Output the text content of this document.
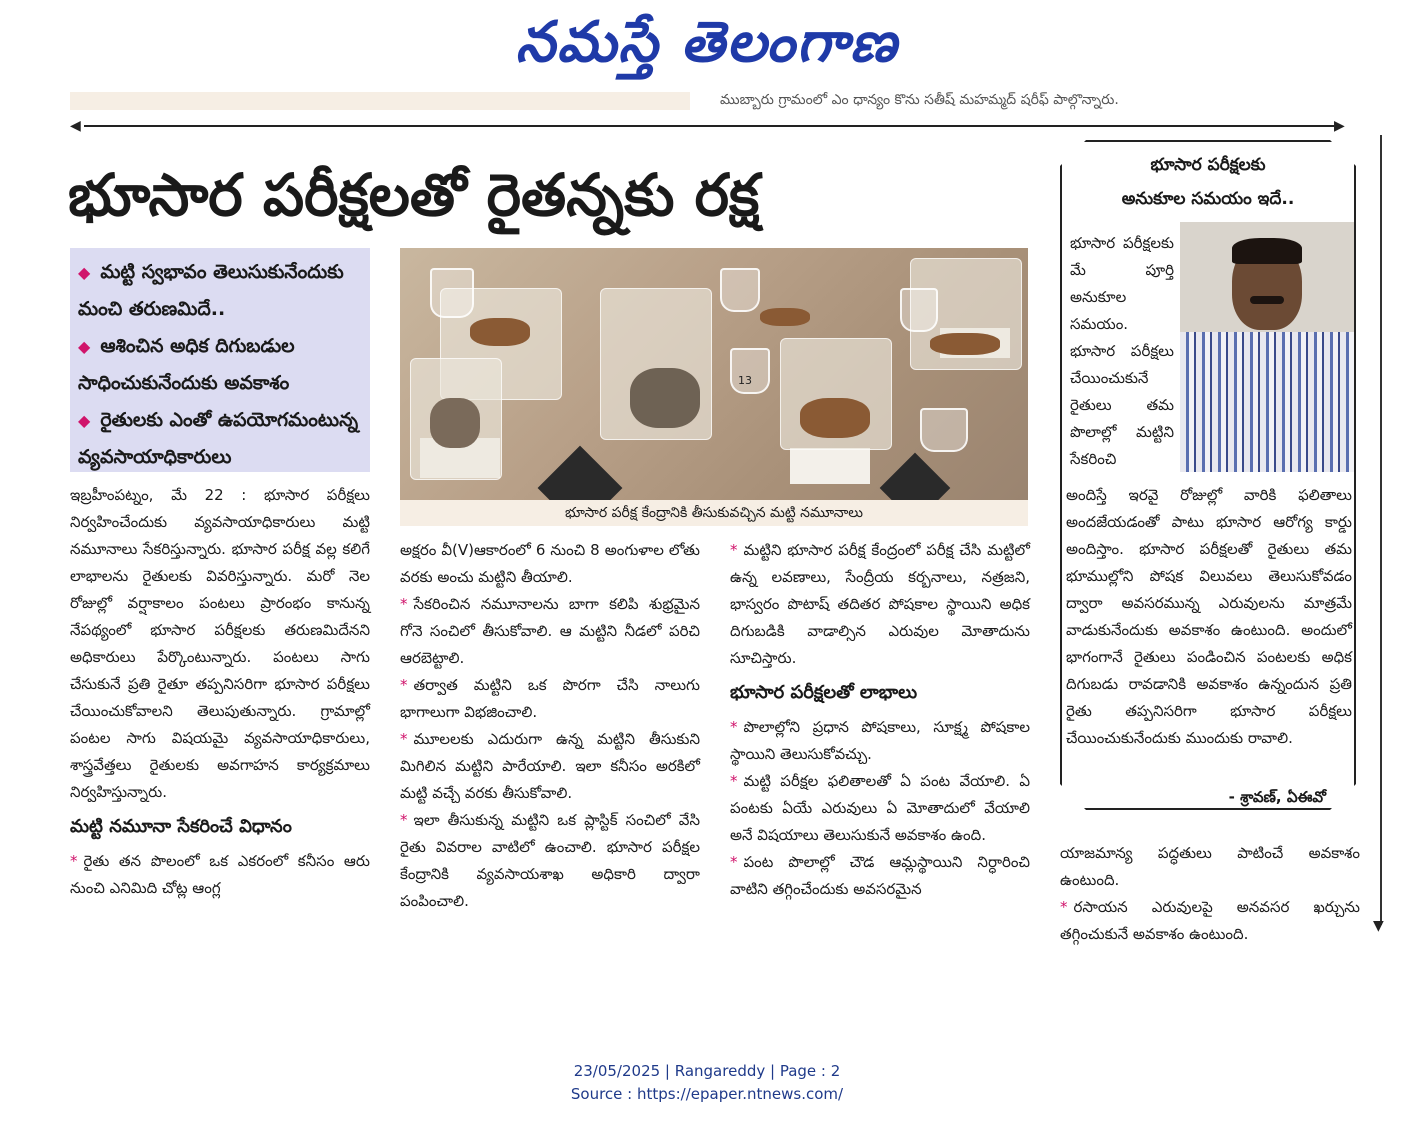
నమస్తే తెలంగాణ
ముబ్బారు గ్రామంలో ఎం ధాన్యం కొను సతీష్ మహమ్మద్ షరీఫ్ పాల్గొన్నారు.
◀	▶
▼
భూసార పరీక్షలతో రైతన్నకు రక్ష
◆ మట్టి స్వభావం తెలుసుకునేందుకు మంచి తరుణమిదే..
◆ ఆశించిన అధిక దిగుబడుల సాధించుకునేందుకు అవకాశం
◆ రైతులకు ఎంతో ఉపయోగమంటున్న వ్యవసాయాధికారులు
13
భూసార పరీక్ష కేంద్రానికి తీసుకువచ్చిన మట్టి నమూనాలు
ఇబ్రహీంపట్నం, మే 22 : భూసార పరీక్షలు నిర్వహించేందుకు వ్యవసాయాధికారులు మట్టి నమూనాలు సేకరిస్తున్నారు. భూసార పరీక్ష వల్ల కలిగే లాభాలను రైతులకు వివరిస్తున్నారు. మరో నెల రోజుల్లో వర్షాకాలం పంటలు ప్రారంభం కానున్న నేపథ్యంలో భూసార పరీక్షలకు తరుణమిదేనని అధికారులు పేర్కొంటున్నారు. పంటలు సాగు చేసుకునే ప్రతి రైతూ తప్పనిసరిగా భూసార పరీక్షలు చేయించుకోవాలని తెలుపుతున్నారు. గ్రామాల్లో పంటల సాగు విషయమై వ్యవసాయాధికారులు, శాస్త్రవేత్తలు రైతులకు అవగాహన కార్యక్రమాలు నిర్వహిస్తున్నారు.
మట్టి నమూనా సేకరించే విధానం
* రైతు తన పొలంలో ఒక ఎకరంలో కనీసం ఆరు నుంచి ఎనిమిది చోట్ల ఆంగ్ల
అక్షరం వీ(V)ఆకారంలో 6 నుంచి 8 అంగుళాల లోతు వరకు అంచు మట్టిని తీయాలి.
* సేకరించిన నమూనాలను బాగా కలిపి శుభ్రమైన గోనె సంచిలో తీసుకోవాలి. ఆ మట్టిని నీడలో పరిచి ఆరబెట్టాలి.
* తర్వాత మట్టిని ఒక పొరగా చేసి నాలుగు భాగాలుగా విభజించాలి.
* మూలలకు ఎదురుగా ఉన్న మట్టిని తీసుకుని మిగిలిన మట్టిని పారేయాలి. ఇలా కనీసం అరకిలో మట్టి వచ్చే వరకు తీసుకోవాలి.
* ఇలా తీసుకున్న మట్టిని ఒక ప్లాస్టిక్ సంచిలో వేసి రైతు వివరాల వాటిలో ఉంచాలి. భూసార పరీక్షల కేంద్రానికి వ్యవసాయశాఖ అధికారి ద్వారా పంపించాలి.
* మట్టిని భూసార పరీక్ష కేంద్రంలో పరీక్ష చేసి మట్టిలో ఉన్న లవణాలు, సేంద్రీయ కర్బనాలు, నత్రజని, భాస్వరం పొటాష్ తదితర పోషకాల స్థాయిని అధిక దిగుబడికి వాడాల్సిన ఎరువుల మోతాదును సూచిస్తారు.
భూసార పరీక్షలతో లాభాలు
* పొలాల్లోని ప్రధాన పోషకాలు, సూక్ష్మ పోషకాల స్థాయిని తెలుసుకోవచ్చు.
* మట్టి పరీక్షల ఫలితాలతో ఏ పంట వేయాలి. ఏ పంటకు ఏయే ఎరువులు ఏ మోతాదులో వేయాలి అనే విషయాలు తెలుసుకునే అవకాశం ఉంది.
* పంట పొలాల్లో చౌడ ఆమ్లస్థాయిని నిర్ధారించి వాటిని తగ్గించేందుకు అవసరమైన
భూసార పరీక్షలకు
అనుకూల సమయం ఇదే..
భూసార పరీక్షలకు మే పూర్తి అనుకూల సమయం. భూసార పరీక్షలు చేయించుకునే రైతులు తమ పొలాల్లో మట్టిని సేకరించి
అందిస్తే ఇరవై రోజుల్లో వారికి ఫలితాలు అందజేయడంతో పాటు భూసార ఆరోగ్య కార్డు అందిస్తాం. భూసార పరీక్షలతో రైతులు తమ భూముల్లోని పోషక విలువలు తెలుసుకోవడం ద్వారా అవసరమున్న ఎరువులను మాత్రమే వాడుకునేందుకు అవకాశం ఉంటుంది. అందులో భాగంగానే రైతులు పండించిన పంటలకు అధిక దిగుబడు రావడానికి అవకాశం ఉన్నందున ప్రతి రైతు తప్పనిసరిగా భూసార పరీక్షలు చేయించుకునేందుకు ముందుకు రావాలి.
- శ్రావణ్, ఏఈవో
యాజమాన్య పద్ధతులు పాటించే అవకాశం ఉంటుంది.
* రసాయన ఎరువులపై అనవసర ఖర్చును తగ్గించుకునే అవకాశం ఉంటుంది.
23/05/2025 | Rangareddy | Page : 2
Source : https://epaper.ntnews.com/
